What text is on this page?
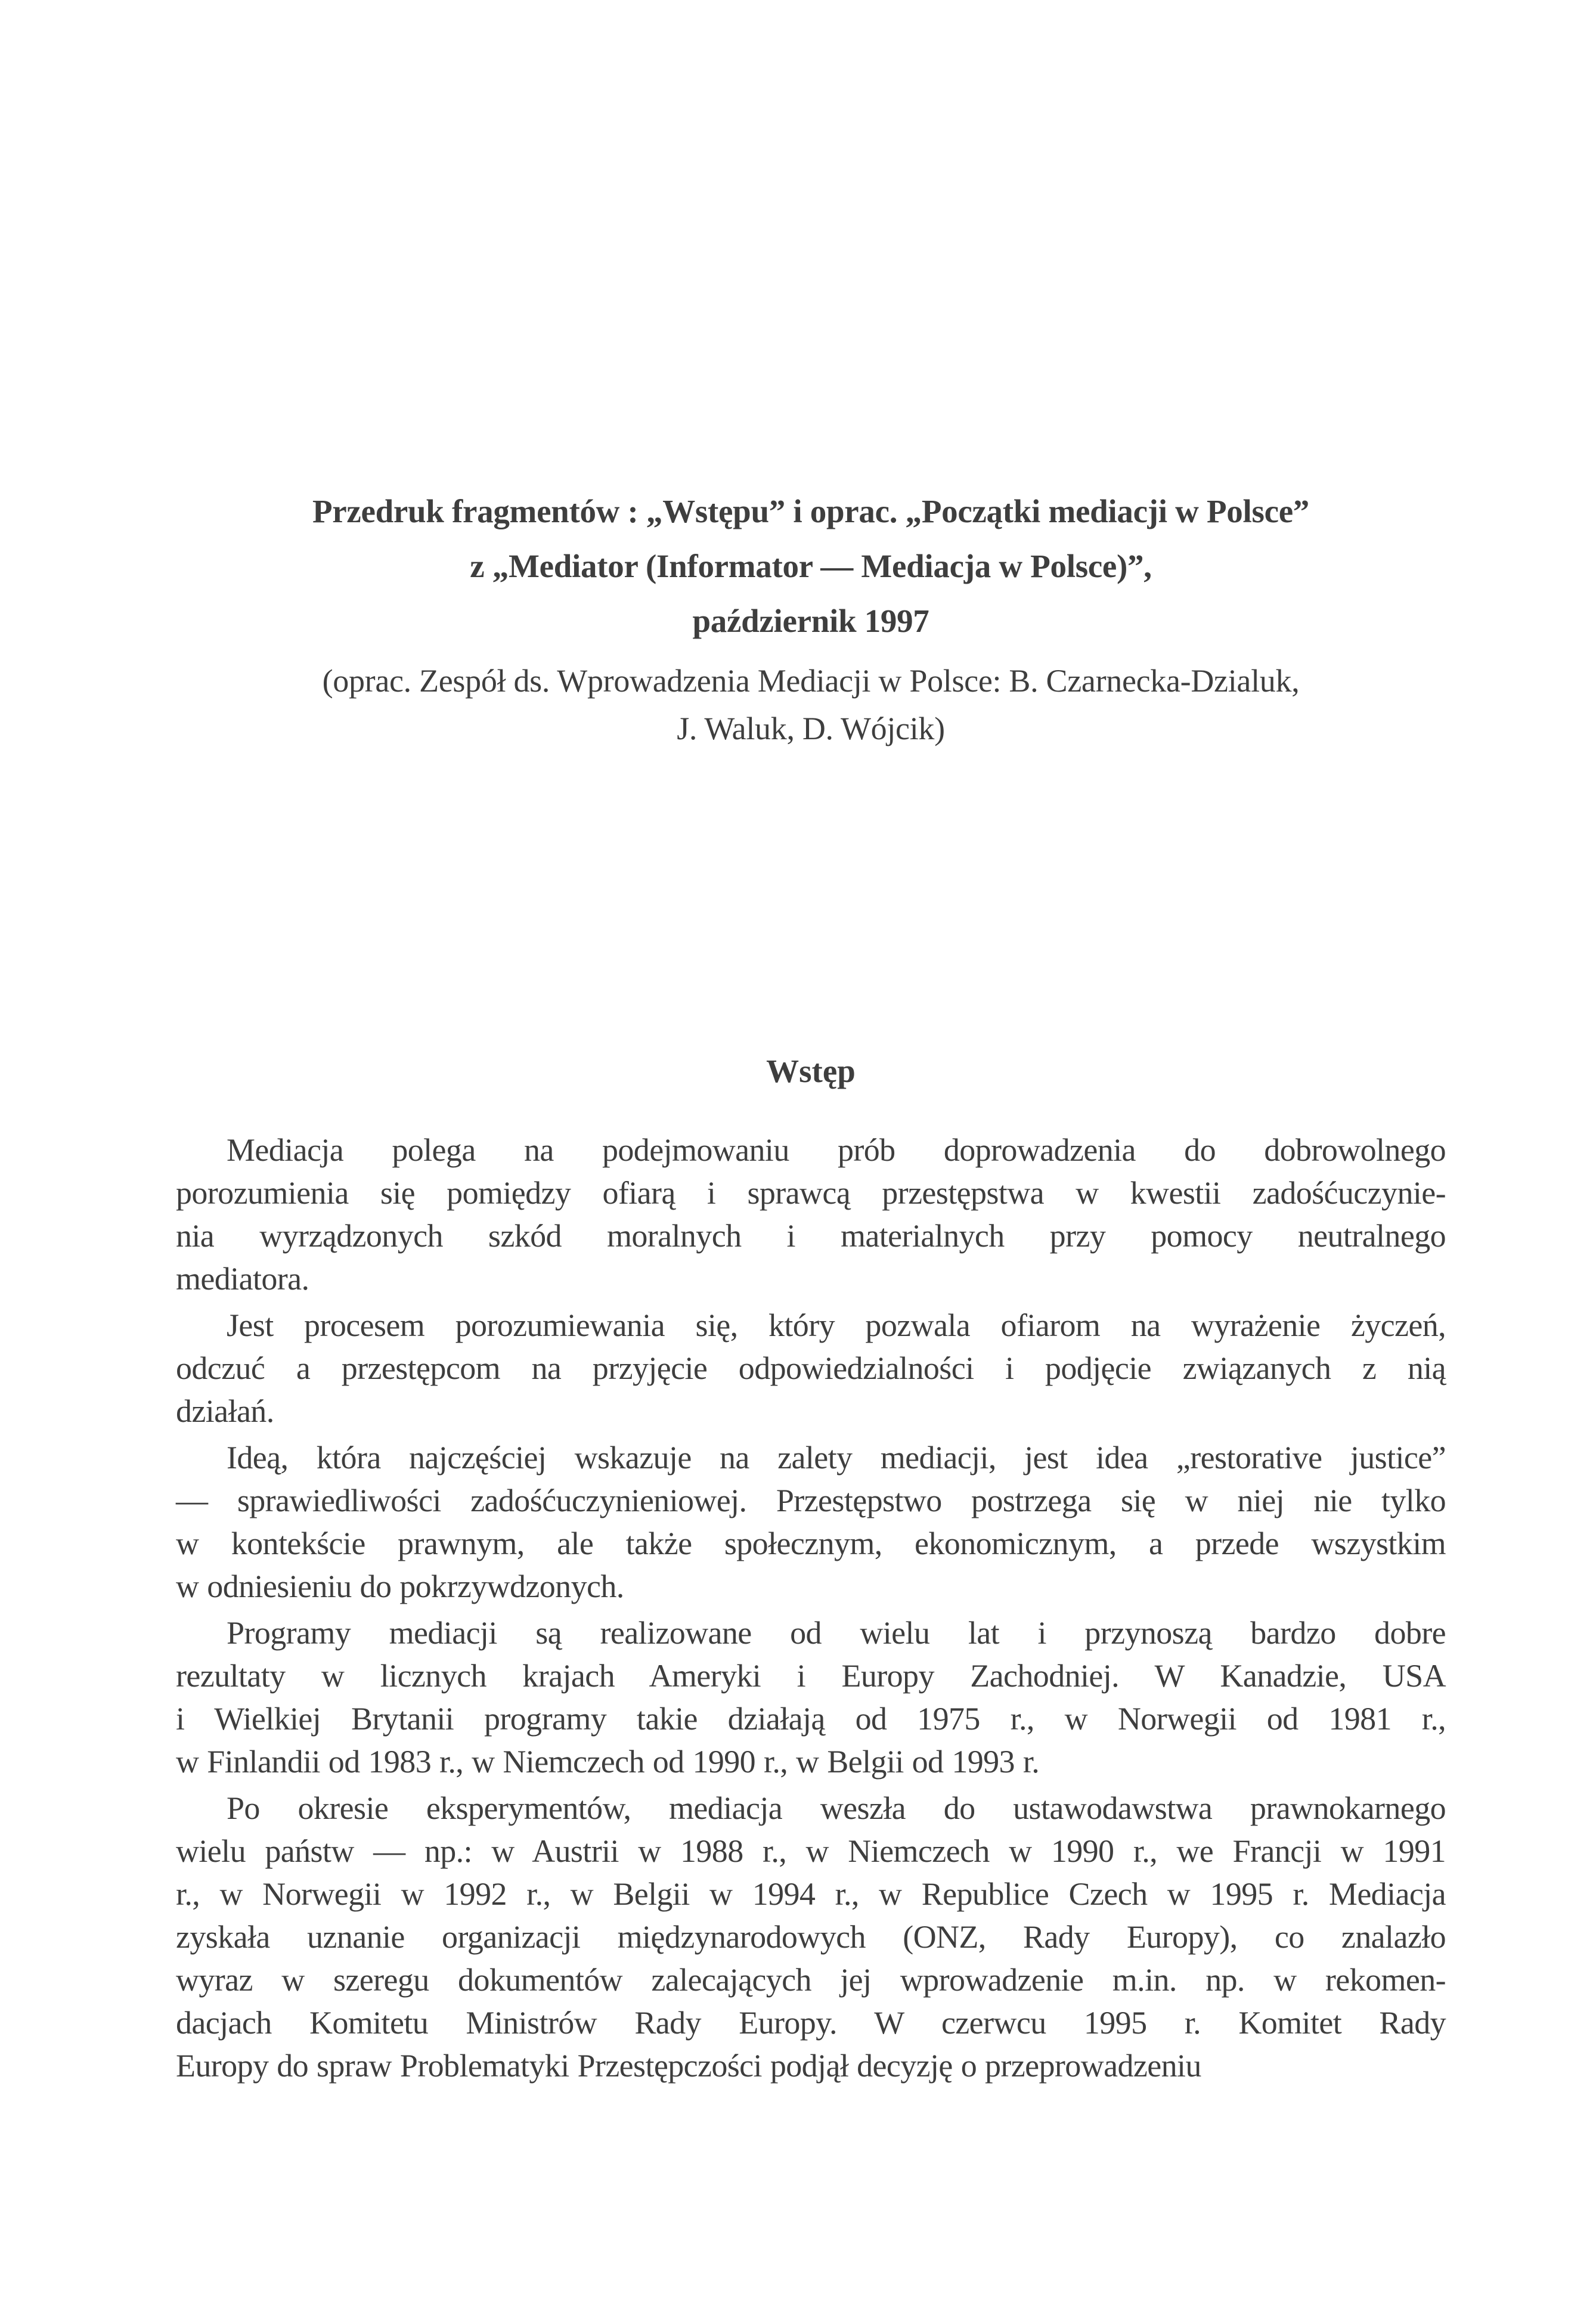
Przedruk fragmentów : „Wstępu” i oprac. „Początki mediacji w Polsce”
z „Mediator (Informator — Mediacja w Polsce)”,
październik 1997
(oprac. Zespół ds. Wprowadzenia Mediacji w Polsce: B. Czarnecka-Dzialuk,
J. Waluk, D. Wójcik)
Wstęp

Mediacja polega na podejmowaniu prób doprowadzenia do dobrowolnego
porozumienia się pomiędzy ofiarą i sprawcą przestępstwa w kwestii zadośćuczynie-
nia wyrządzonych szkód moralnych i materialnych przy pomocy neutralnego
mediatora.

Jest procesem porozumiewania się, który pozwala ofiarom na wyrażenie życzeń,
odczuć a przestępcom na przyjęcie odpowiedzialności i podjęcie związanych z nią
działań.

Ideą, która najczęściej wskazuje na zalety mediacji, jest idea „restorative justice”
— sprawiedliwości zadośćuczynieniowej. Przestępstwo postrzega się w niej nie tylko
w kontekście prawnym, ale także społecznym, ekonomicznym, a przede wszystkim
w odniesieniu do pokrzywdzonych.

Programy mediacji są realizowane od wielu lat i przynoszą bardzo dobre
rezultaty w licznych krajach Ameryki i Europy Zachodniej. W Kanadzie, USA
i Wielkiej Brytanii programy takie działają od 1975 r., w Norwegii od 1981 r.,
w Finlandii od 1983 r., w Niemczech od 1990 r., w Belgii od 1993 r.

Po okresie eksperymentów, mediacja weszła do ustawodawstwa prawnokarnego
wielu państw — np.: w Austrii w 1988 r., w Niemczech w 1990 r., we Francji w 1991
r., w Norwegii w 1992 r., w Belgii w 1994 r., w Republice Czech w 1995 r. Mediacja
zyskała uznanie organizacji międzynarodowych (ONZ, Rady Europy), co znalazło
wyraz w szeregu dokumentów zalecających jej wprowadzenie m.in. np. w rekomen-
dacjach Komitetu Ministrów Rady Europy. W czerwcu 1995 r. Komitet Rady
Europy do spraw Problematyki Przestępczości podjął decyzję o przeprowadzeniu
